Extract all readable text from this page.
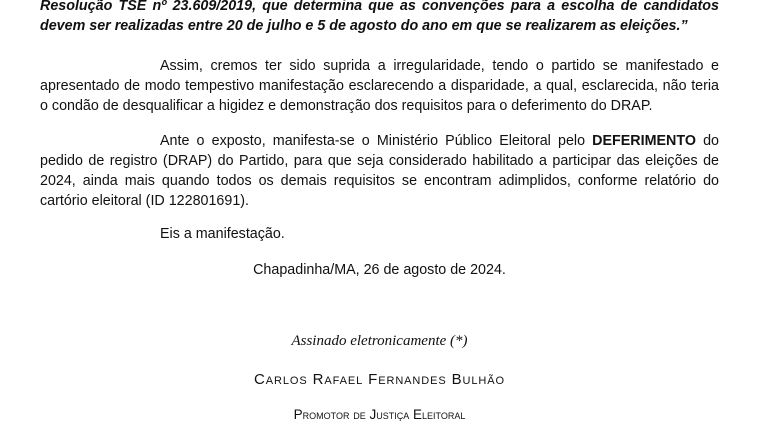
Resolução TSE nº 23.609/2019, que determina que as convenções para a escolha de candidatos devem ser realizadas entre 20 de julho e 5 de agosto do ano em que se realizarem as eleições.”
Assim, cremos ter sido suprida a irregularidade, tendo o partido se manifestado e apresentado de modo tempestivo manifestação esclarecendo a disparidade, a qual, esclarecida, não teria o condão de desqualificar a higidez e demonstração dos requisitos para o deferimento do DRAP.
Ante o exposto, manifesta-se o Ministério Público Eleitoral pelo DEFERIMENTO do pedido de registro (DRAP) do Partido, para que seja considerado habilitado a participar das eleições de 2024, ainda mais quando todos os demais requisitos se encontram adimplidos, conforme relatório do cartório eleitoral (ID 122801691).
Eis a manifestação.
Chapadinha/MA, 26 de agosto de 2024.
Assinado eletronicamente (*)
Carlos Rafael Fernandes Bulhão
Promotor de Justiça Eleitoral
